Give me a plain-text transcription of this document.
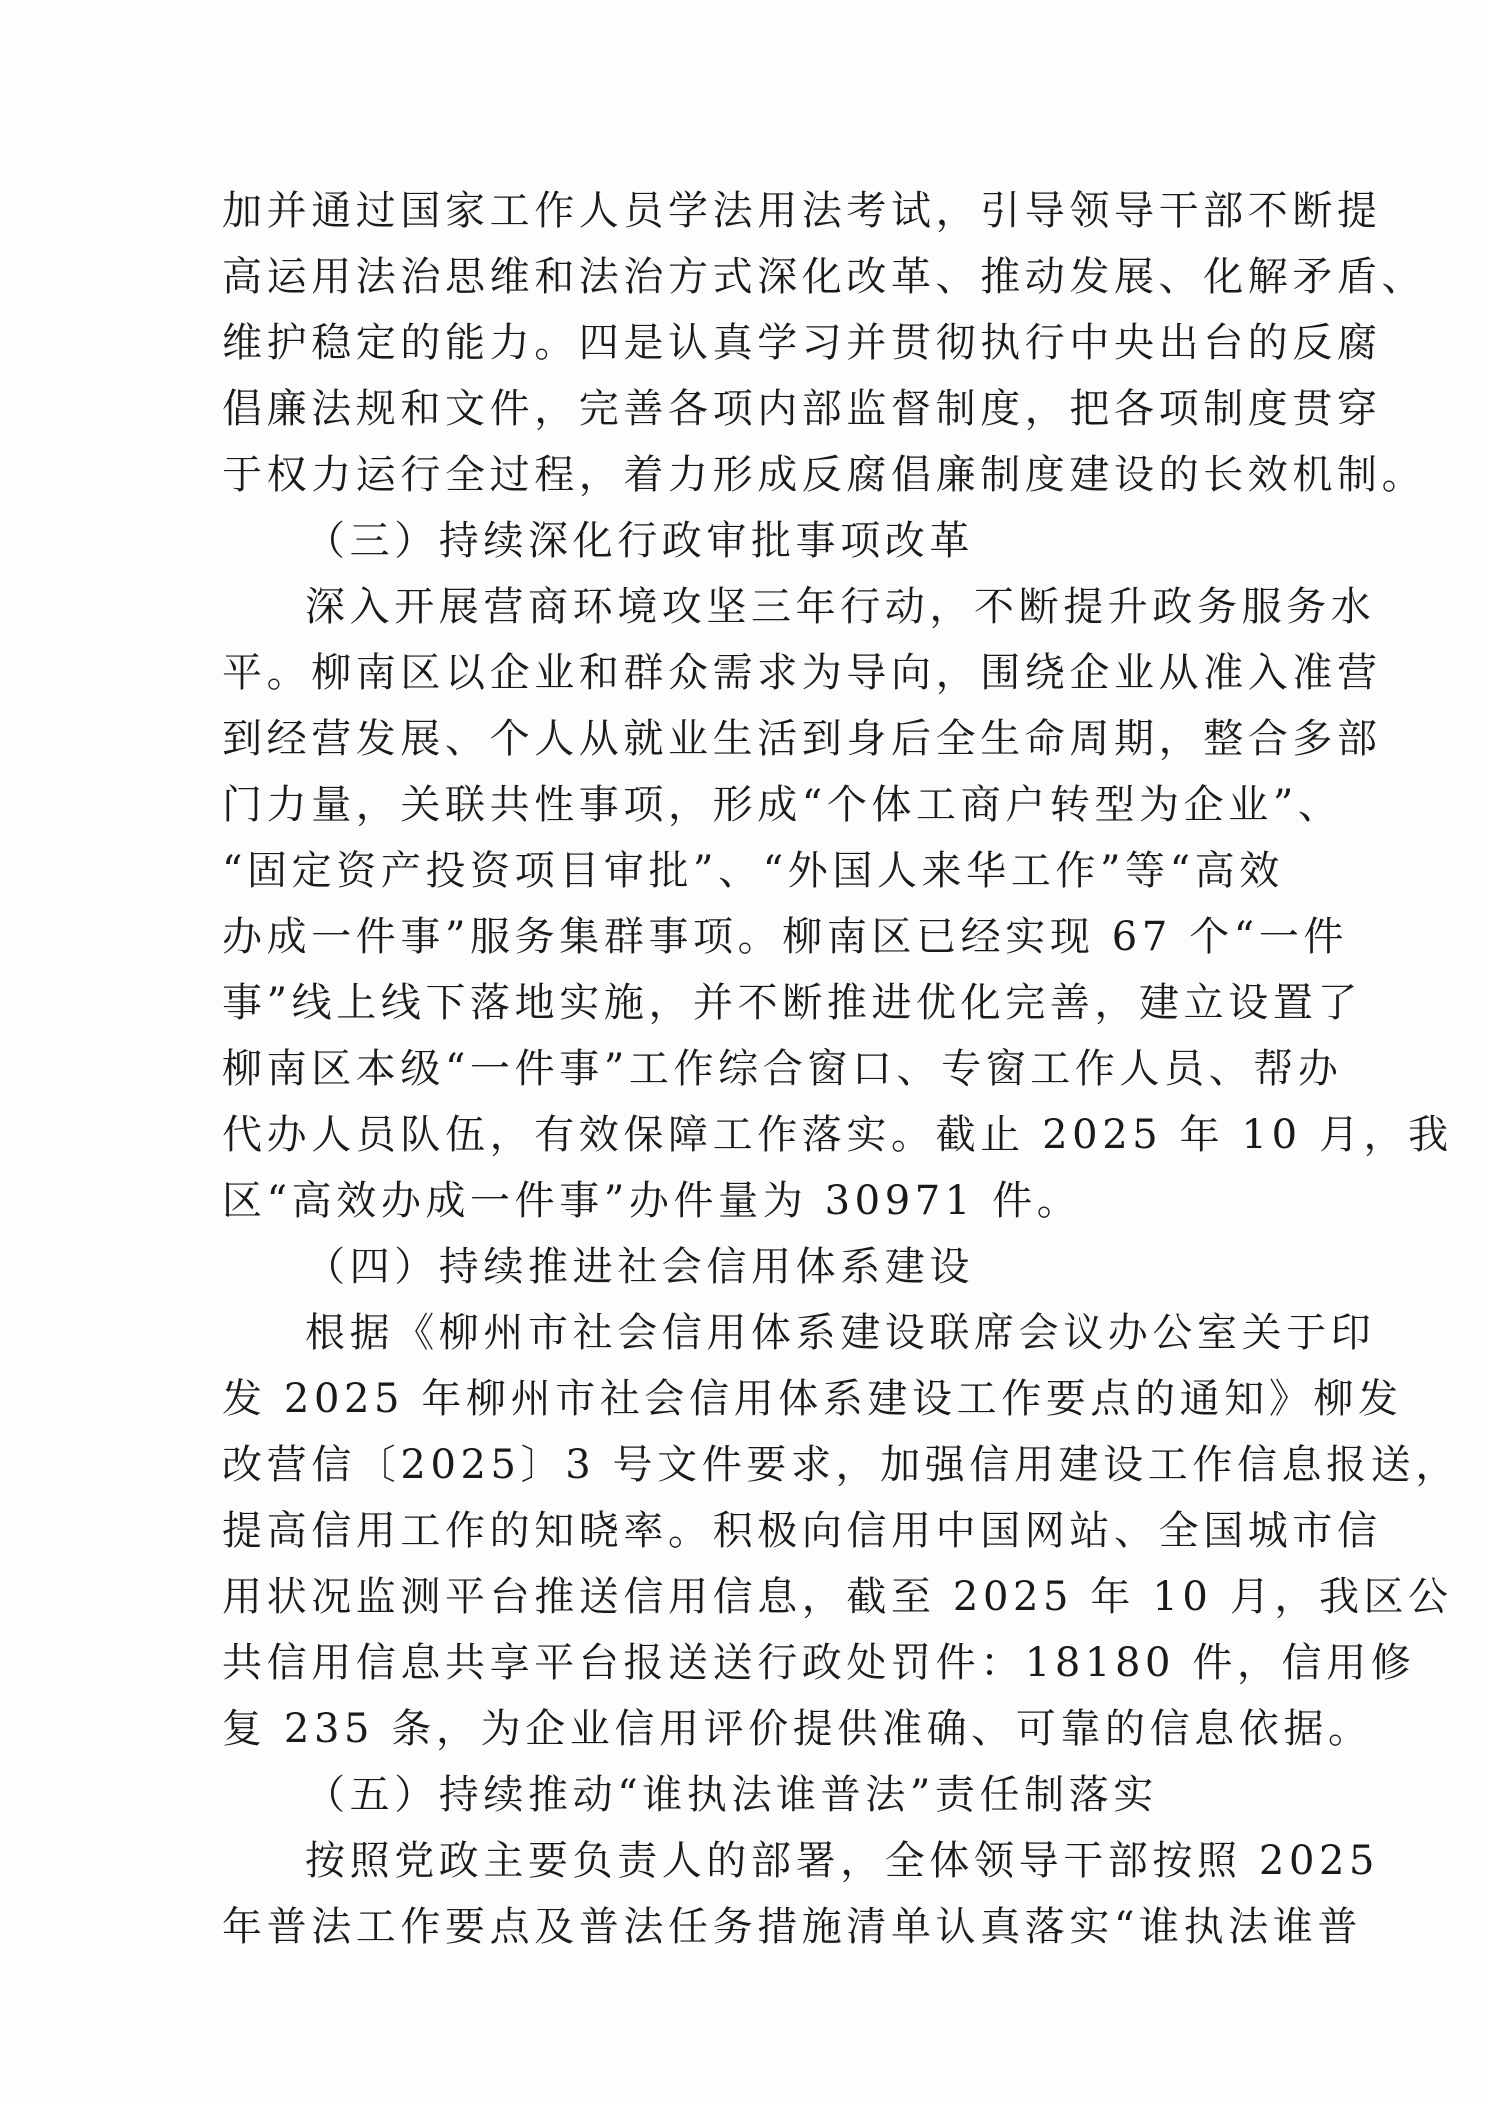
加并通过国家工作人员学法用法考试，引导领导干部不断提
高运用法治思维和法治方式深化改革、推动发展、化解矛盾、
维护稳定的能力。四是认真学习并贯彻执行中央出台的反腐
倡廉法规和文件，完善各项内部监督制度，把各项制度贯穿
于权力运行全过程，着力形成反腐倡廉制度建设的长效机制。
（三）持续深化行政审批事项改革
深入开展营商环境攻坚三年行动，不断提升政务服务水
平。柳南区以企业和群众需求为导向，围绕企业从准入准营
到经营发展、个人从就业生活到身后全生命周期，整合多部
门力量，关联共性事项，形成“个体工商户转型为企业”、
“固定资产投资项目审批”、“外国人来华工作”等“高效
办成一件事”服务集群事项。柳南区已经实现 67 个“一件
事”线上线下落地实施，并不断推进优化完善，建立设置了
柳南区本级“一件事”工作综合窗口、专窗工作人员、帮办
代办人员队伍，有效保障工作落实。截止 2025 年 10 月，我
区“高效办成一件事”办件量为 30971 件。
（四）持续推进社会信用体系建设
根据《柳州市社会信用体系建设联席会议办公室关于印
发 2025 年柳州市社会信用体系建设工作要点的通知》柳发
改营信〔2025〕3 号文件要求，加强信用建设工作信息报送，
提高信用工作的知晓率。积极向信用中国网站、全国城市信
用状况监测平台推送信用信息，截至 2025 年 10 月，我区公
共信用信息共享平台报送送行政处罚件：18180 件，信用修
复 235 条，为企业信用评价提供准确、可靠的信息依据。
（五）持续推动“谁执法谁普法”责任制落实
按照党政主要负责人的部署，全体领导干部按照 2025
年普法工作要点及普法任务措施清单认真落实“谁执法谁普
